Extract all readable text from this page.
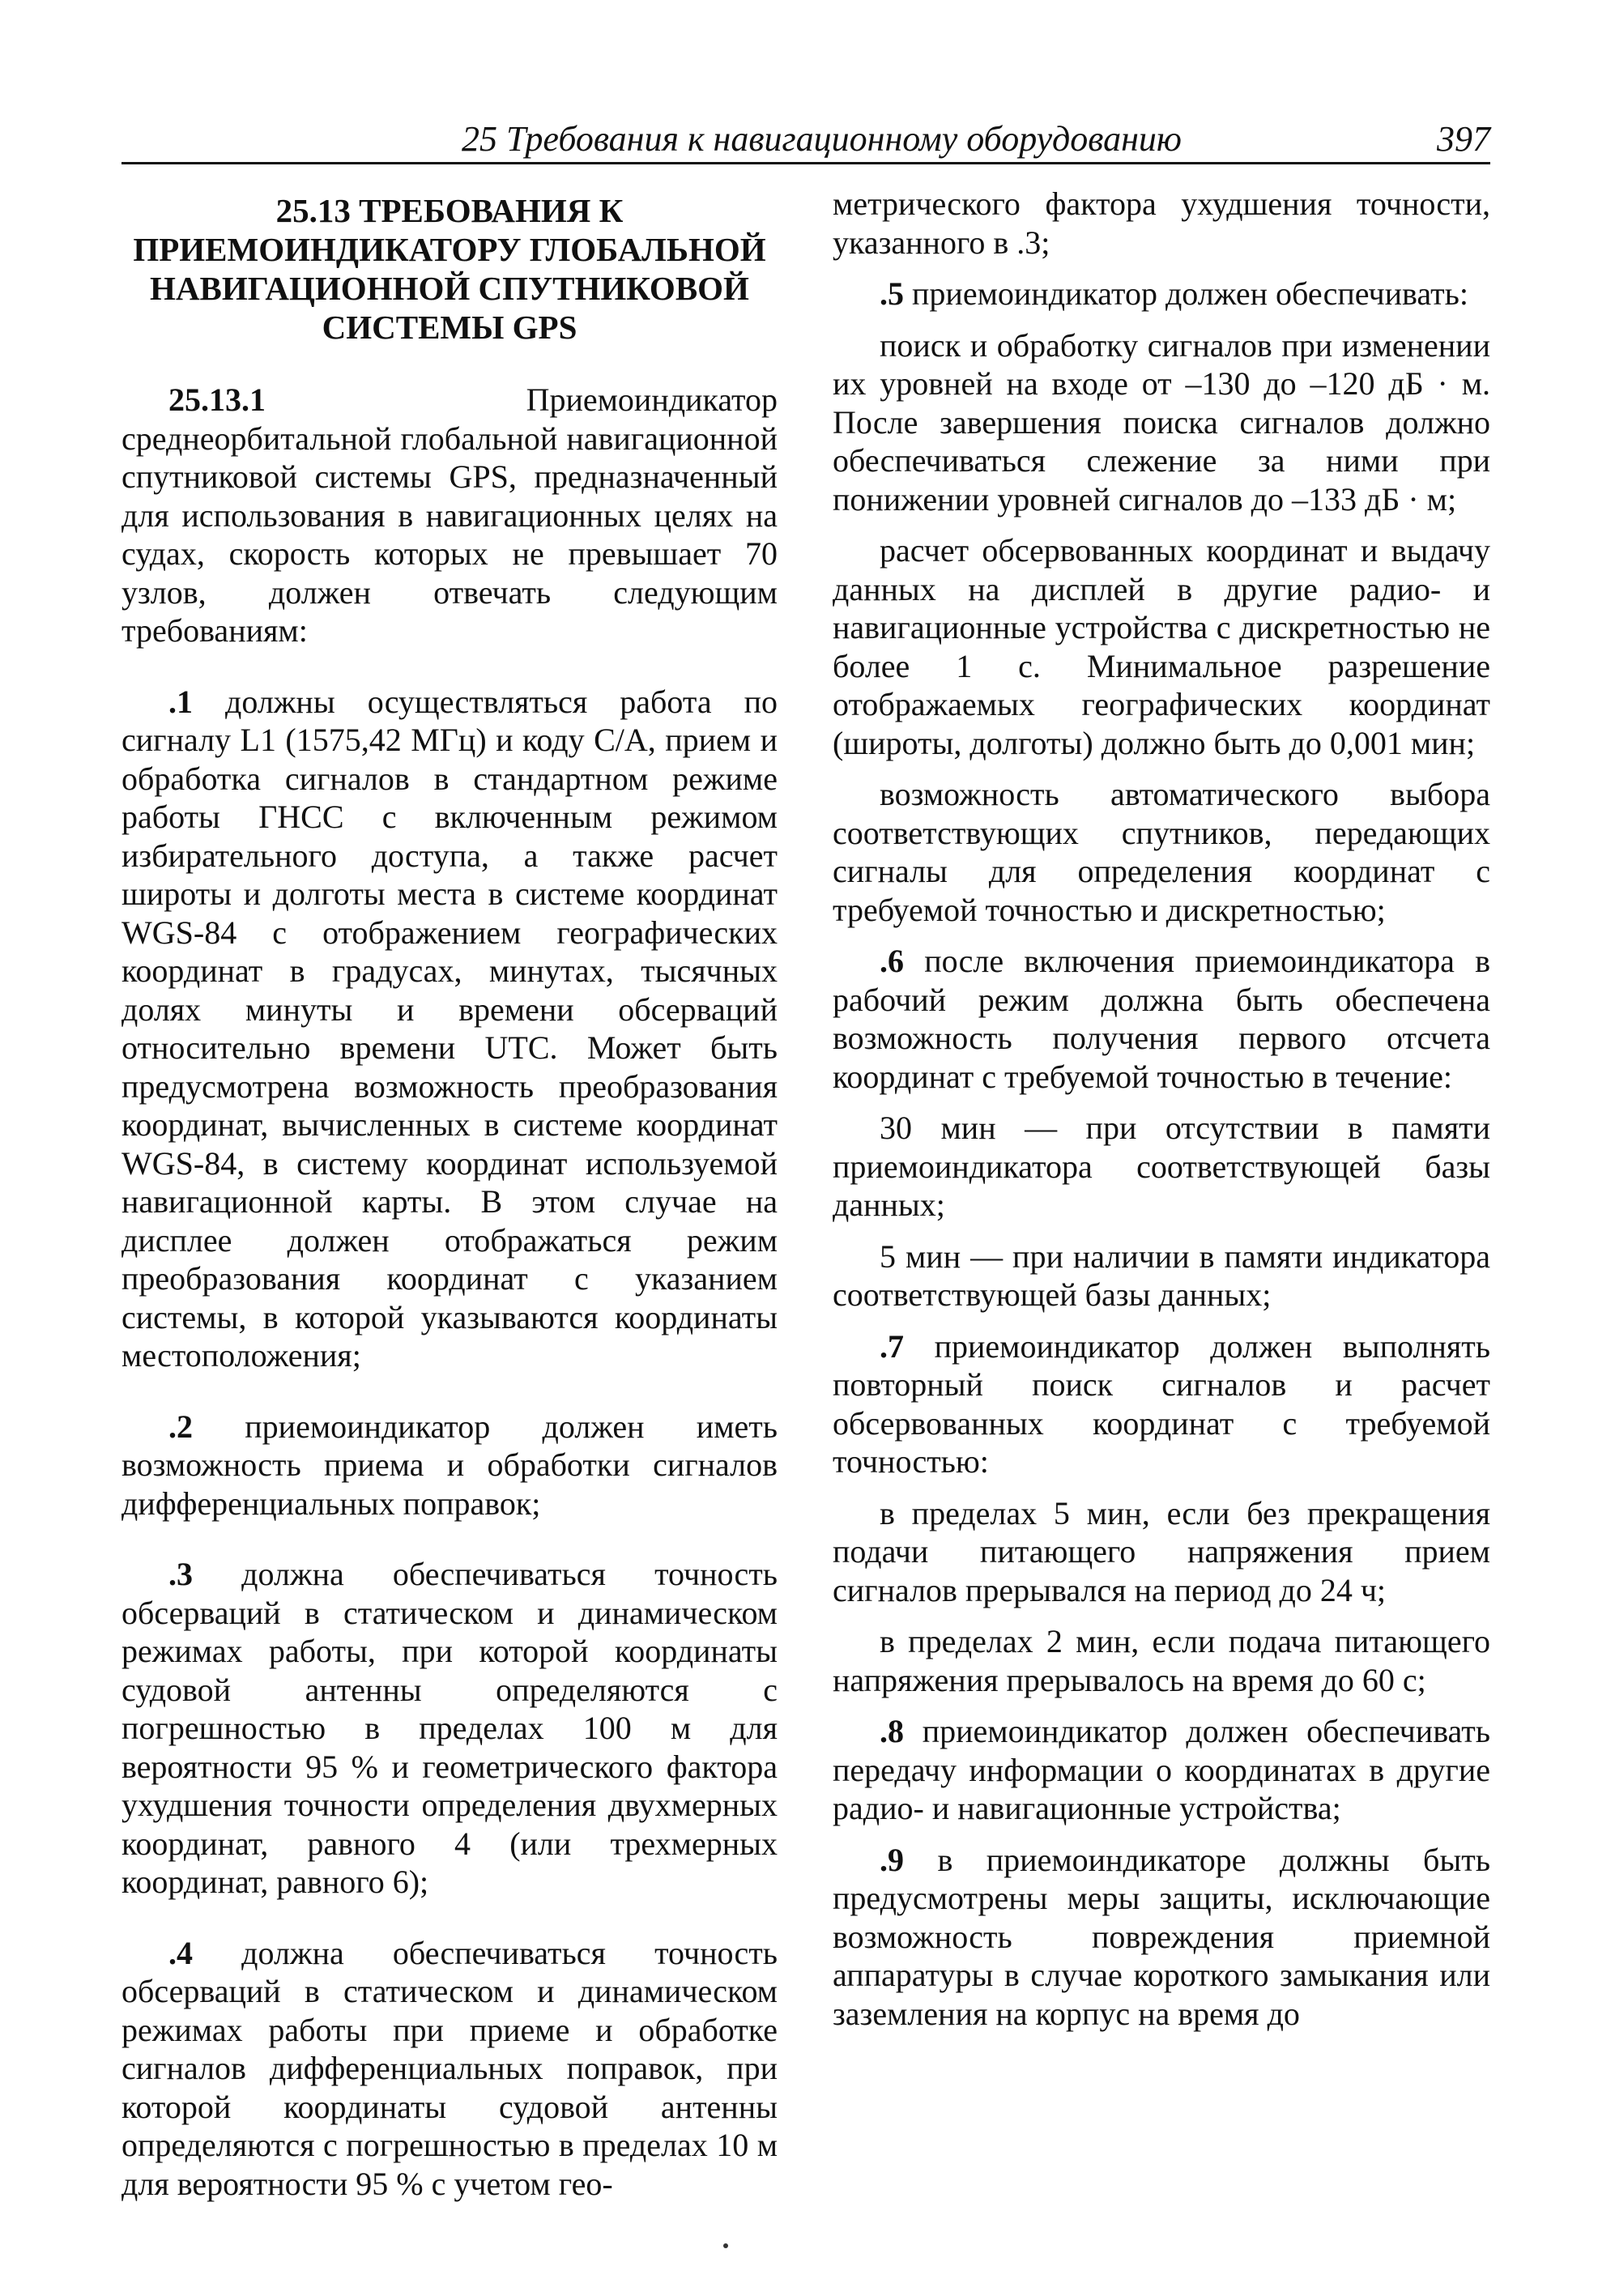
25 Требования к навигационному оборудованию	397
25.13 ТРЕБОВАНИЯ К
ПРИЕМОИНДИКАТОРУ ГЛОБАЛЬНОЙ
НАВИГАЦИОННОЙ СПУТНИКОВОЙ
СИСТЕМЫ GPS

25.13.1 Приемоиндикатор среднеорбитальной глобальной навигационной спутниковой системы GPS, предназначенный для использования в навигационных целях на судах, скорость которых не превышает 70 узлов, должен отвечать следующим требованиям:

.1 должны осуществляться работа по сигналу L1 (1575,42 МГц) и коду C/A, прием и обработка сигналов в стандартном режиме работы ГНСС с включенным режимом избирательного доступа, а также расчет широты и долготы места в системе координат WGS-84 с отображением географических координат в градусах, минутах, тысячных долях минуты и времени обсерваций относительно времени UTC. Может быть предусмотрена возможность преобразования координат, вычисленных в системе координат WGS-84, в систему координат используемой навигационной карты. В этом случае на дисплее должен отображаться режим преобразования координат с указанием системы, в которой указываются координаты местоположения;

.2 приемоиндикатор должен иметь возможность приема и обработки сигналов дифференциальных поправок;

.3 должна обеспечиваться точность обсерваций в статическом и динамическом режимах работы, при которой координаты судовой антенны определяются с погрешностью в пределах 100 м для вероятности 95 % и геометрического фактора ухудшения точности определения двухмерных координат, равного 4 (или трехмерных координат, равного 6);

.4 должна обеспечиваться точность обсерваций в статическом и динамическом режимах работы при приеме и обработке сигналов дифференциальных поправок, при которой координаты судовой антенны определяются с погрешностью в пределах 10 м для вероятности 95 % с учетом гео-

метрического фактора ухудшения точности, указанного в .3;

.5 приемоиндикатор должен обеспечивать:

поиск и обработку сигналов при изменении их уровней на входе от –130 до –120 дБ · м. После завершения поиска сигналов должно обеспечиваться слежение за ними при понижении уровней сигналов до –133 дБ · м;

расчет обсервованных координат и выдачу данных на дисплей в другие радио- и навигационные устройства с дискретностью не более 1 с. Минимальное разрешение отображаемых географических координат (широты, долготы) должно быть до 0,001 мин;

возможность автоматического выбора соответствующих спутников, передающих сигналы для определения координат с требуемой точностью и дискретностью;

.6 после включения приемоиндикатора в рабочий режим должна быть обеспечена возможность получения первого отсчета координат с требуемой точностью в течение:

30 мин — при отсутствии в памяти приемоиндикатора соответствующей базы данных;

5 мин — при наличии в памяти индикатора соответствующей базы данных;

.7 приемоиндикатор должен выполнять повторный поиск сигналов и расчет обсервованных координат с требуемой точностью:

в пределах 5 мин, если без прекращения подачи питающего напряжения прием сигналов прерывался на период до 24 ч;

в пределах 2 мин, если подача питающего напряжения прерывалось на время до 60 с;

.8 приемоиндикатор должен обеспечивать передачу информации о координатах в другие радио- и навигационные устройства;

.9 в приемоиндикаторе должны быть предусмотрены меры защиты, исключающие возможность повреждения приемной аппаратуры в случае короткого замыкания или заземления на корпус на время до
